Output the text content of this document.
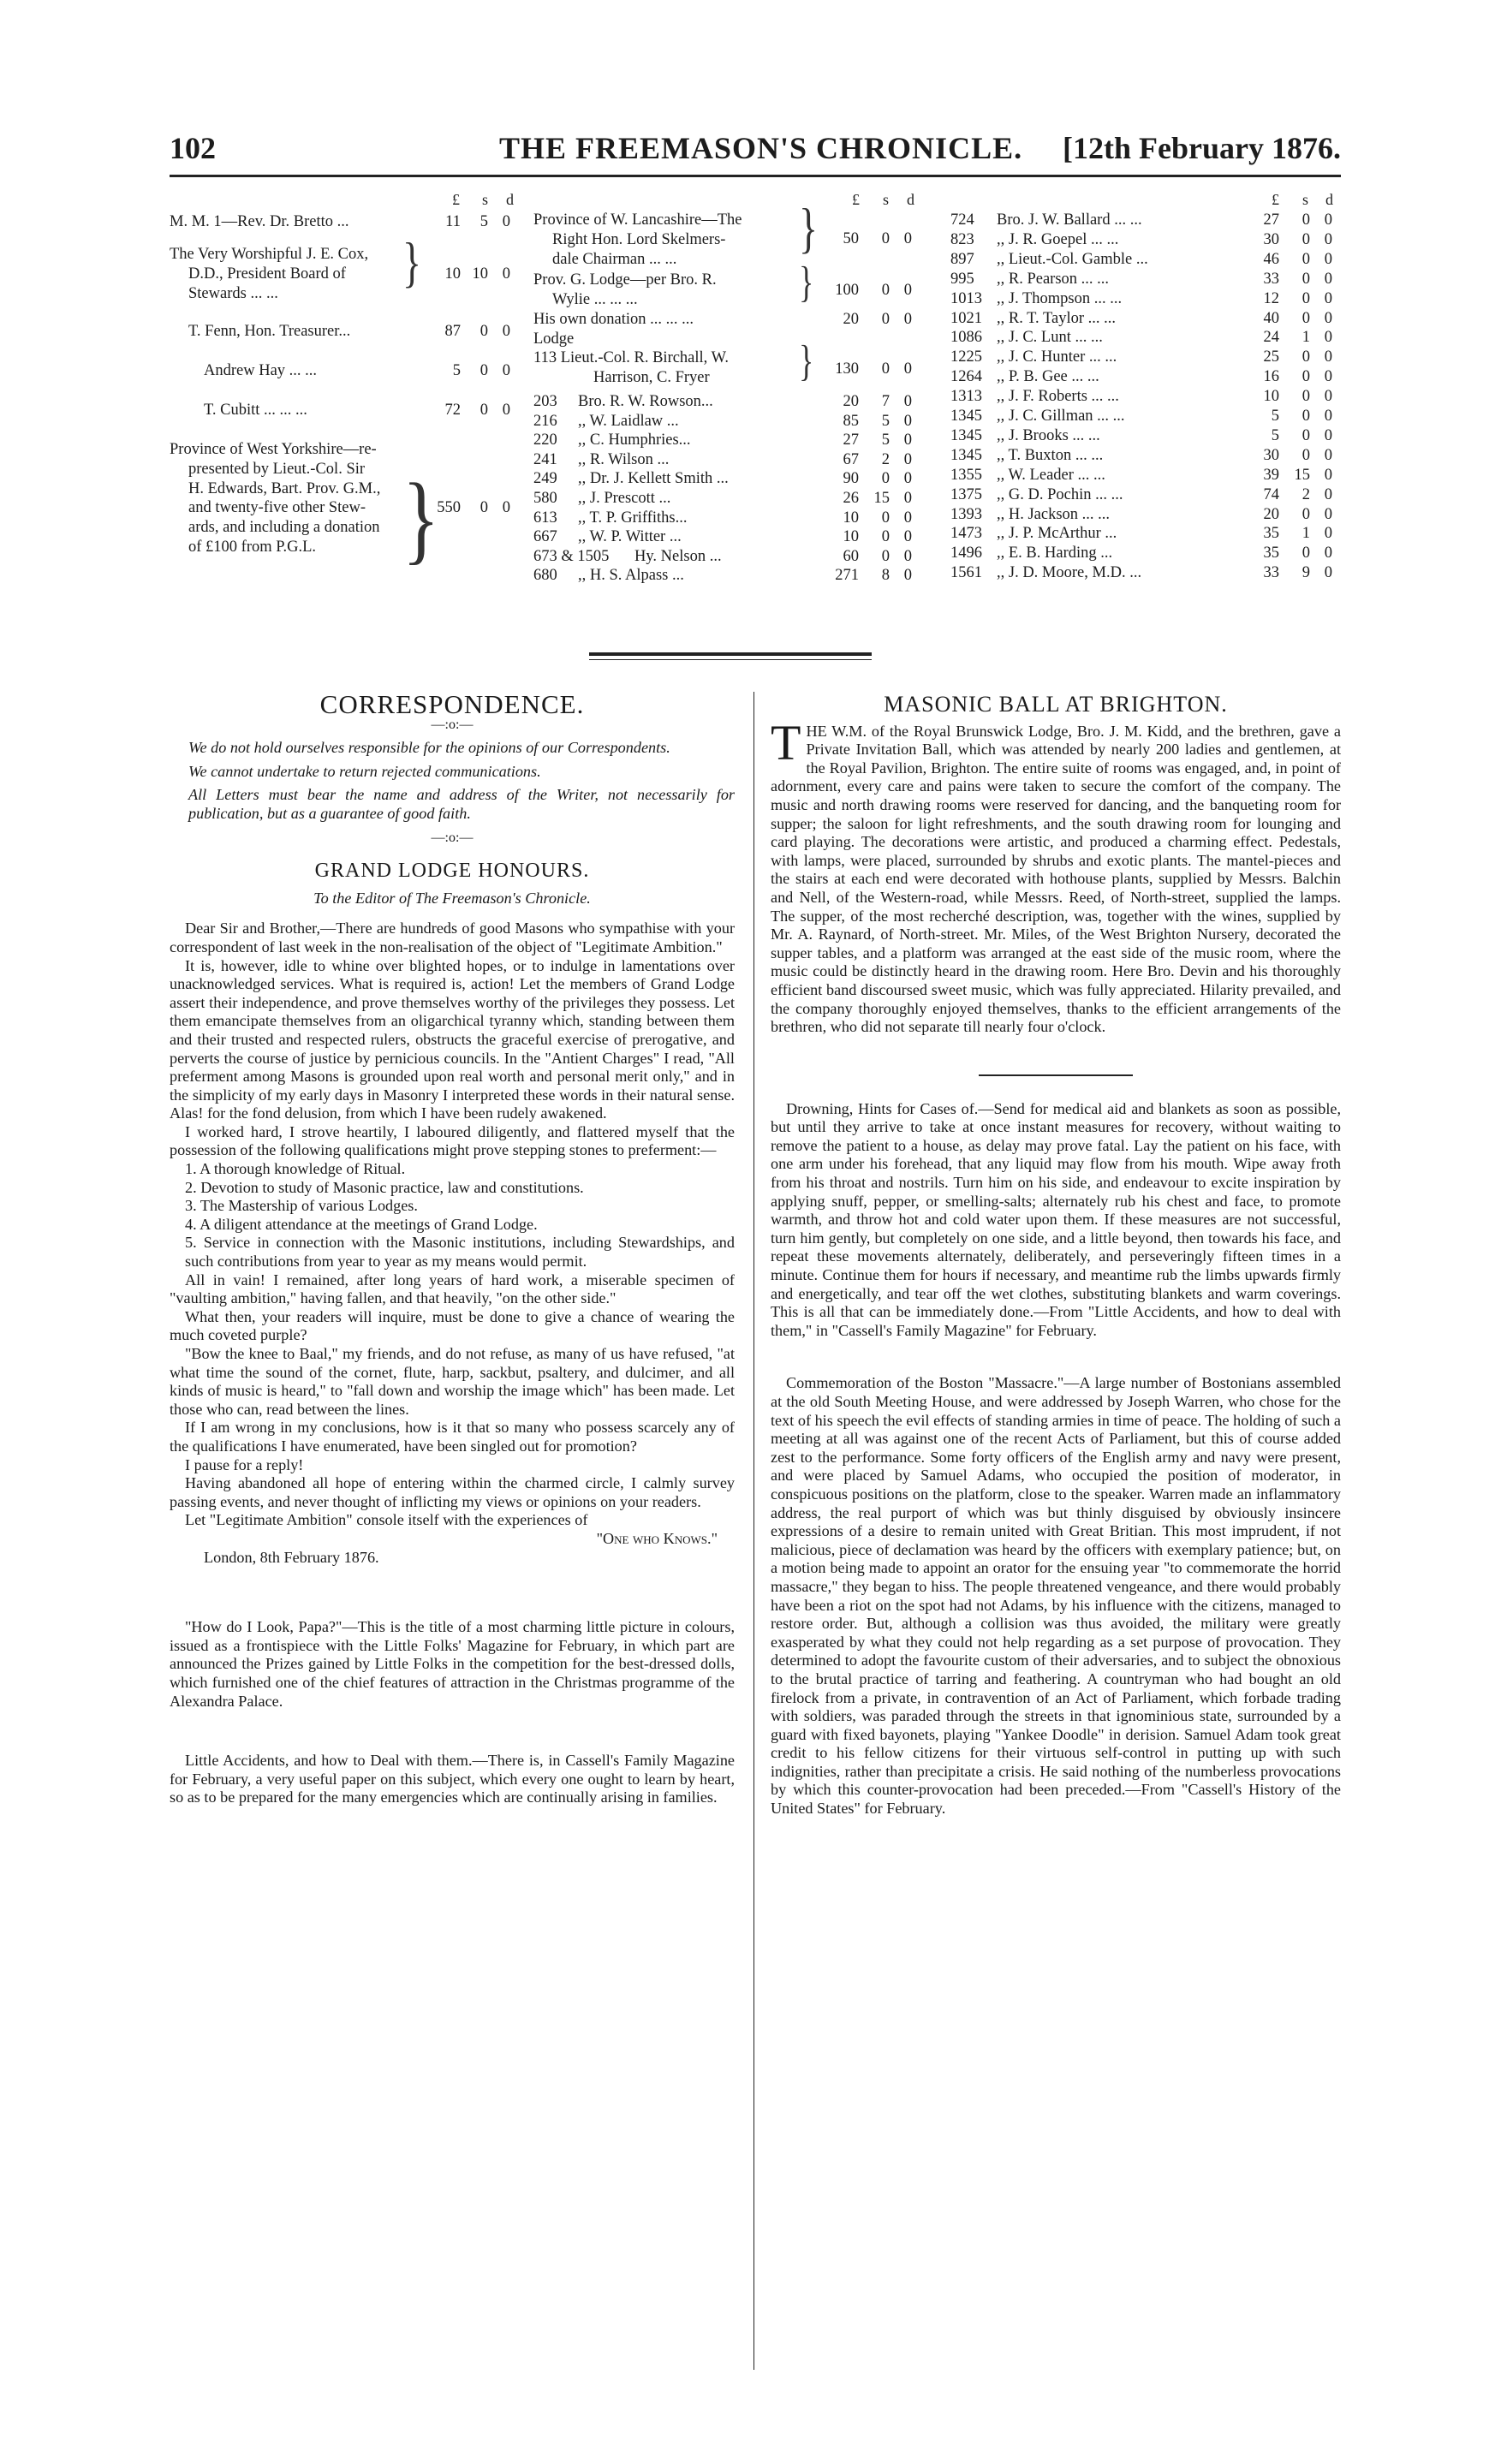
102	THE FREEMASON'S CHRONICLE. [12th February 1876.
£ s d
M. M. 1—Rev. Dr. Bretto ...	11	5 0
The Very Worshipful J. E. Cox,
D.D., President Board of
Stewards ... ...
}	10 10 0
T. Fenn, Hon. Treasurer...	87	0 0
Andrew Hay ... ...	5	0 0
T. Cubitt ... ... ...	72	0 0
Province of West Yorkshire—re-
presented by Lieut.-Col. Sir
H. Edwards, Bart. Prov. G.M.,
and twenty-five other Stew-
ards, and including a donation
of £100 from P.G.L.	}
550	0 0
£ s d
Province of W. Lancashire—The
Right Hon. Lord Skelmers-
dale Chairman ... ...
}	50	0 0
Prov. G. Lodge—per Bro. R.
Wylie ... ... ...	}	100	0 0
His own donation ... ... ...	20	0 0
Lodge
113 Lieut.-Col. R. Birchall, W.
Harrison, C. Fryer	}	130	0 0
203 Bro. R. W. Rowson...	20	7 0
216 ,, W. Laidlaw ...	85	5 0
220 ,, C. Humphries...	27	5 0
241 ,, R. Wilson ...	67	2 0
249 ,, Dr. J. Kellett Smith ...	90	0 0
580 ,, J. Prescott ...	26 15 0
613 ,, T. P. Griffiths...	10	0 0
667 ,, W. P. Witter ...	10	0 0
673 & 1505 Hy. Nelson ...	60	0 0
680 ,, H. S. Alpass ...	271	8 0
£ s d
724 Bro. J. W. Ballard ... ...	27	0 0
823 ,, J. R. Goepel ... ...	30	0 0
897 ,, Lieut.-Col. Gamble ...	46	0 0
995 ,, R. Pearson ... ...	33	0 0
1013 ,, J. Thompson ... ...	12	0 0
1021 ,, R. T. Taylor ... ...	40	0 0
1086 ,, J. C. Lunt ... ...	24	1 0
1225 ,, J. C. Hunter ... ...	25	0 0
1264 ,, P. B. Gee ... ...	16	0 0
1313 ,, J. F. Roberts ... ...	10	0 0
1345 ,, J. C. Gillman ... ...	5	0 0
1345 ,, J. Brooks ... ...	5	0 0
1345 ,, T. Buxton ... ...	30	0 0
1355 ,, W. Leader ... ...	39 15 0
1375 ,, G. D. Pochin ... ...	74	2 0
1393 ,, H. Jackson ... ...	20	0 0
1473 ,, J. P. McArthur ...	35	1 0
1496 ,, E. B. Harding ...	35	0 0
1561 ,, J. D. Moore, M.D. ...	33	9 0
CORRESPONDENCE.
—:o:—

We do not hold ourselves responsible for the opinions of our Correspondents.

We cannot undertake to return rejected communications.

All Letters must bear the name and address of the Writer, not necessarily for publication, but as a guarantee of good faith.

—:o:—
GRAND LODGE HONOURS.
To the Editor of The Freemason's Chronicle.

Dear Sir and Brother,—There are hundreds of good Masons who sympathise with your correspondent of last week in the non-realisation of the object of "Legitimate Ambition."

It is, however, idle to whine over blighted hopes, or to indulge in lamentations over unacknowledged services. What is required is, action! Let the members of Grand Lodge assert their independence, and prove themselves worthy of the privileges they possess. Let them emancipate themselves from an oligarchical tyranny which, standing between them and their trusted and respected rulers, obstructs the graceful exercise of prerogative, and perverts the course of justice by pernicious councils. In the "Antient Charges" I read, "All preferment among Masons is grounded upon real worth and personal merit only," and in the simplicity of my early days in Masonry I interpreted these words in their natural sense. Alas! for the fond delusion, from which I have been rudely awakened.

I worked hard, I strove heartily, I laboured diligently, and flattered myself that the possession of the following qualifications might prove stepping stones to preferment:—

1. A thorough knowledge of Ritual.

2. Devotion to study of Masonic practice, law and constitutions.

3. The Mastership of various Lodges.

4. A diligent attendance at the meetings of Grand Lodge.

5. Service in connection with the Masonic institutions, including Stewardships, and such contributions from year to year as my means would permit.

All in vain! I remained, after long years of hard work, a miserable specimen of "vaulting ambition," having fallen, and that heavily, "on the other side."

What then, your readers will inquire, must be done to give a chance of wearing the much coveted purple?

"Bow the knee to Baal," my friends, and do not refuse, as many of us have refused, "at what time the sound of the cornet, flute, harp, sackbut, psaltery, and dulcimer, and all kinds of music is heard," to "fall down and worship the image which" has been made. Let those who can, read between the lines.

If I am wrong in my conclusions, how is it that so many who possess scarcely any of the qualifications I have enumerated, have been singled out for promotion?

I pause for a reply!

Having abandoned all hope of entering within the charmed circle, I calmly survey passing events, and never thought of inflicting my views or opinions on your readers.

Let "Legitimate Ambition" console itself with the experiences of

"One who Knows."
London, 8th February 1876.

"How do I Look, Papa?"—This is the title of a most charming little picture in colours, issued as a frontispiece with the Little Folks' Magazine for February, in which part are announced the Prizes gained by Little Folks in the competition for the best-dressed dolls, which furnished one of the chief features of attraction in the Christmas programme of the Alexandra Palace.

Little Accidents, and how to Deal with them.—There is, in Cassell's Family Magazine for February, a very useful paper on this subject, which every one ought to learn by heart, so as to be prepared for the many emergencies which are continually arising in families.

MASONIC BALL AT BRIGHTON.

THE W.M. of the Royal Brunswick Lodge, Bro. J. M. Kidd, and the brethren, gave a Private Invitation Ball, which was attended by nearly 200 ladies and gentlemen, at the Royal Pavilion, Brighton. The entire suite of rooms was engaged, and, in point of adornment, every care and pains were taken to secure the comfort of the company. The music and north drawing rooms were reserved for dancing, and the banqueting room for supper; the saloon for light refreshments, and the south drawing room for lounging and card playing. The decorations were artistic, and produced a charming effect. Pedestals, with lamps, were placed, surrounded by shrubs and exotic plants. The mantel-pieces and the stairs at each end were decorated with hothouse plants, supplied by Messrs. Balchin and Nell, of the Western-road, while Messrs. Reed, of North-street, supplied the lamps. The supper, of the most recherché description, was, together with the wines, supplied by Mr. A. Raynard, of North-street. Mr. Miles, of the West Brighton Nursery, decorated the supper tables, and a platform was arranged at the east side of the music room, where the music could be distinctly heard in the drawing room. Here Bro. Devin and his thoroughly efficient band discoursed sweet music, which was fully appreciated. Hilarity prevailed, and the company thoroughly enjoyed themselves, thanks to the efficient arrangements of the brethren, who did not separate till nearly four o'clock.

Drowning, Hints for Cases of.—Send for medical aid and blankets as soon as possible, but until they arrive to take at once instant measures for recovery, without waiting to remove the patient to a house, as delay may prove fatal. Lay the patient on his face, with one arm under his forehead, that any liquid may flow from his mouth. Wipe away froth from his throat and nostrils. Turn him on his side, and endeavour to excite inspiration by applying snuff, pepper, or smelling-salts; alternately rub his chest and face, to promote warmth, and throw hot and cold water upon them. If these measures are not successful, turn him gently, but completely on one side, and a little beyond, then towards his face, and repeat these movements alternately, deliberately, and perseveringly fifteen times in a minute. Continue them for hours if necessary, and meantime rub the limbs upwards firmly and energetically, and tear off the wet clothes, substituting blankets and warm coverings. This is all that can be immediately done.—From "Little Accidents, and how to deal with them," in "Cassell's Family Magazine" for February.

Commemoration of the Boston "Massacre."—A large number of Bostonians assembled at the old South Meeting House, and were addressed by Joseph Warren, who chose for the text of his speech the evil effects of standing armies in time of peace. The holding of such a meeting at all was against one of the recent Acts of Parliament, but this of course added zest to the performance. Some forty officers of the English army and navy were present, and were placed by Samuel Adams, who occupied the position of moderator, in conspicuous positions on the platform, close to the speaker. Warren made an inflammatory address, the real purport of which was but thinly disguised by obviously insincere expressions of a desire to remain united with Great Britian. This most imprudent, if not malicious, piece of declamation was heard by the officers with exemplary patience; but, on a motion being made to appoint an orator for the ensuing year "to commemorate the horrid massacre," they began to hiss. The people threatened vengeance, and there would probably have been a riot on the spot had not Adams, by his influence with the citizens, managed to restore order. But, although a collision was thus avoided, the military were greatly exasperated by what they could not help regarding as a set purpose of provocation. They determined to adopt the favourite custom of their adversaries, and to subject the obnoxious to the brutal practice of tarring and feathering. A countryman who had bought an old firelock from a private, in contravention of an Act of Parliament, which forbade trading with soldiers, was paraded through the streets in that ignominious state, surrounded by a guard with fixed bayonets, playing "Yankee Doodle" in derision. Samuel Adam took great credit to his fellow citizens for their virtuous self-control in putting up with such indignities, rather than precipitate a crisis. He said nothing of the numberless provocations by which this counter-provocation had been preceded.—From "Cassell's History of the United States" for February.
